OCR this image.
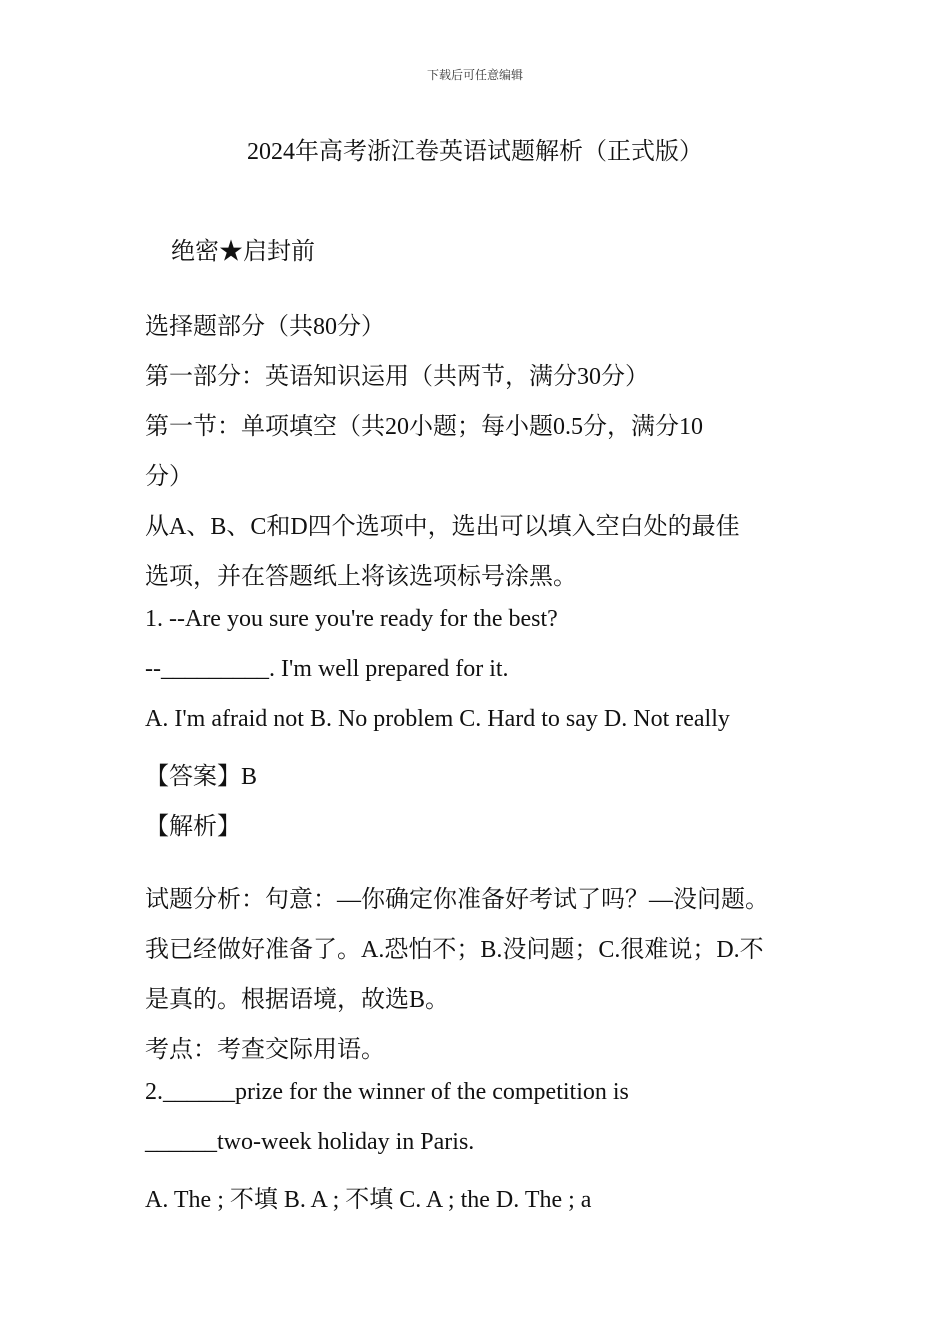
下载后可任意编辑
2024年高考浙江卷英语试题解析（正式版）
绝密★启封前
选择题部分（共80分）
第一部分：英语知识运用（共两节，满分30分）
第一节：单项填空（共20小题；每小题0.5分，满分10
分）
从A、B、C和D四个选项中，选出可以填入空白处的最佳
选项，并在答题纸上将该选项标号涂黑。
1. --Are you sure you're ready for the best?
--_________. I'm well prepared for it.
A. I'm afraid not B. No problem C. Hard to say D. Not really
【答案】B
【解析】
试题分析：句意：—你确定你准备好考试了吗？—没问题。
我已经做好准备了。A.恐怕不；B.没问题；C.很难说；D.不
是真的。根据语境，故选B。
考点：考查交际用语。
2.______prize for the winner of the competition is
______two-week holiday in Paris.
A. The ; 不填 B. A ; 不填 C. A ; the D. The ; a
